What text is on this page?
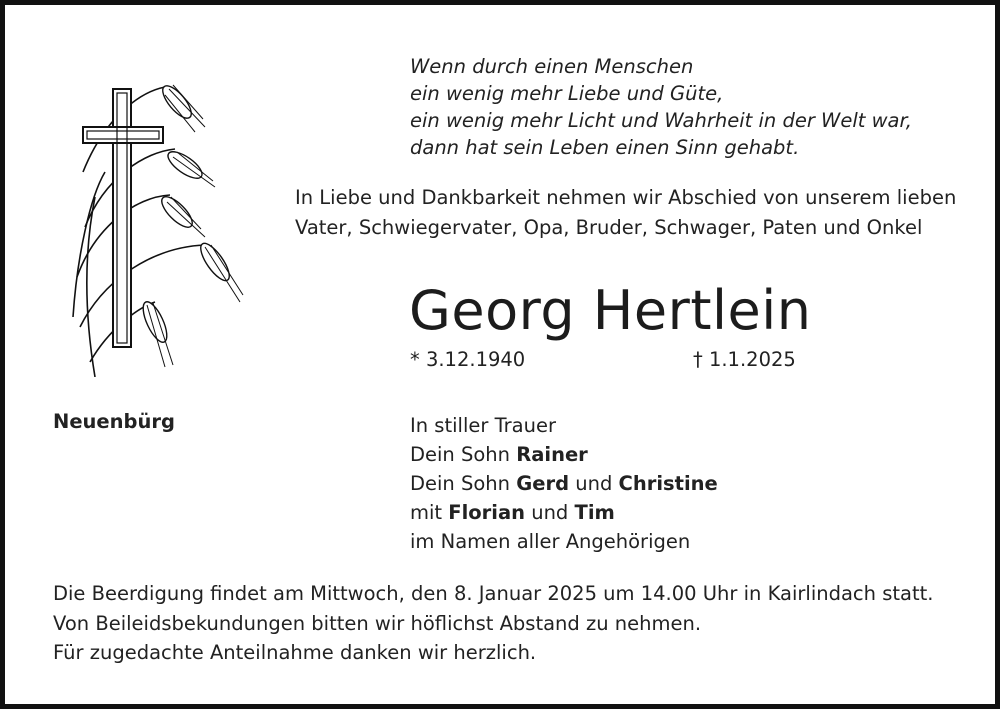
Wenn durch einen Menschen
ein wenig mehr Liebe und Güte,
ein wenig mehr Licht und Wahrheit in der Welt war,
dann hat sein Leben einen Sinn gehabt.
In Liebe und Dankbarkeit nehmen wir Abschied von unserem lieben
Vater, Schwiegervater, Opa, Bruder, Schwager, Paten und Onkel
Georg Hertlein
* 3.12.1940	† 1.1.2025
Neuenbürg	In stiller Trauer
Dein Sohn Rainer
Dein Sohn Gerd und Christine
mit Florian und Tim
im Namen aller Angehörigen
Die Beerdigung findet am Mittwoch, den 8. Januar 2025 um 14.00 Uhr in Kairlindach statt.
Von Beileidsbekundungen bitten wir höflichst Abstand zu nehmen.
Für zugedachte Anteilnahme danken wir herzlich.
